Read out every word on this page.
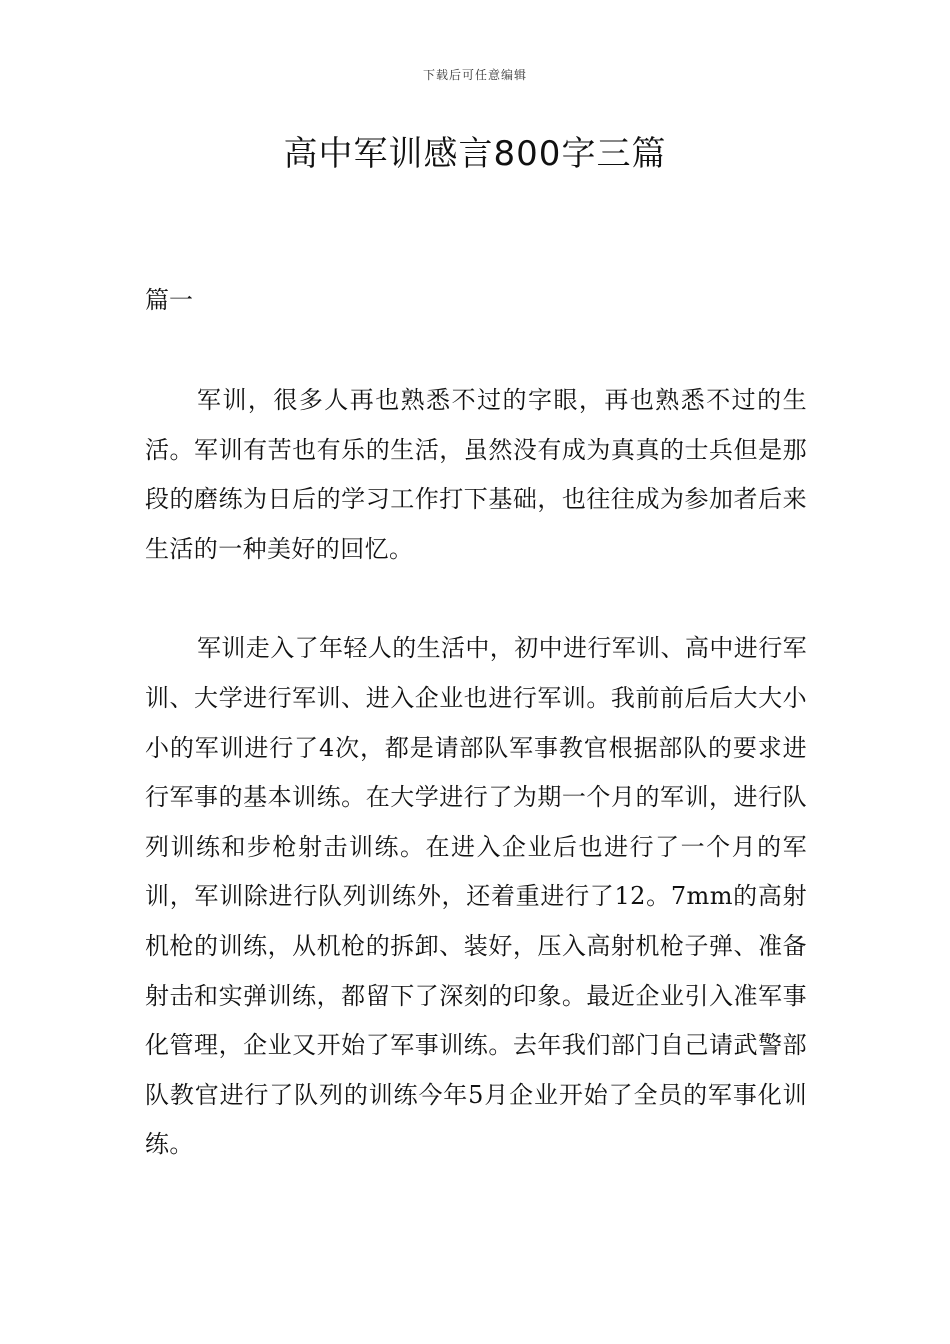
下载后可任意编辑
高中军训感言800字三篇

篇一

军训，很多人再也熟悉不过的字眼，再也熟悉不过的生活。军训有苦也有乐的生活，虽然没有成为真真的士兵但是那段的磨练为日后的学习工作打下基础，也往往成为参加者后来生活的一种美好的回忆。

军训走入了年轻人的生活中，初中进行军训、高中进行军训、大学进行军训、进入企业也进行军训。我前前后后大大小小的军训进行了4次，都是请部队军事教官根据部队的要求进行军事的基本训练。在大学进行了为期一个月的军训，进行队列训练和步枪射击训练。在进入企业后也进行了一个月的军训，军训除进行队列训练外，还着重进行了12。7mm的高射机枪的训练，从机枪的拆卸、装好，压入高射机枪子弹、准备射击和实弹训练，都留下了深刻的印象。最近企业引入准军事化管理，企业又开始了军事训练。去年我们部门自己请武警部队教官进行了队列的训练今年5月企业开始了全员的军事化训练。
